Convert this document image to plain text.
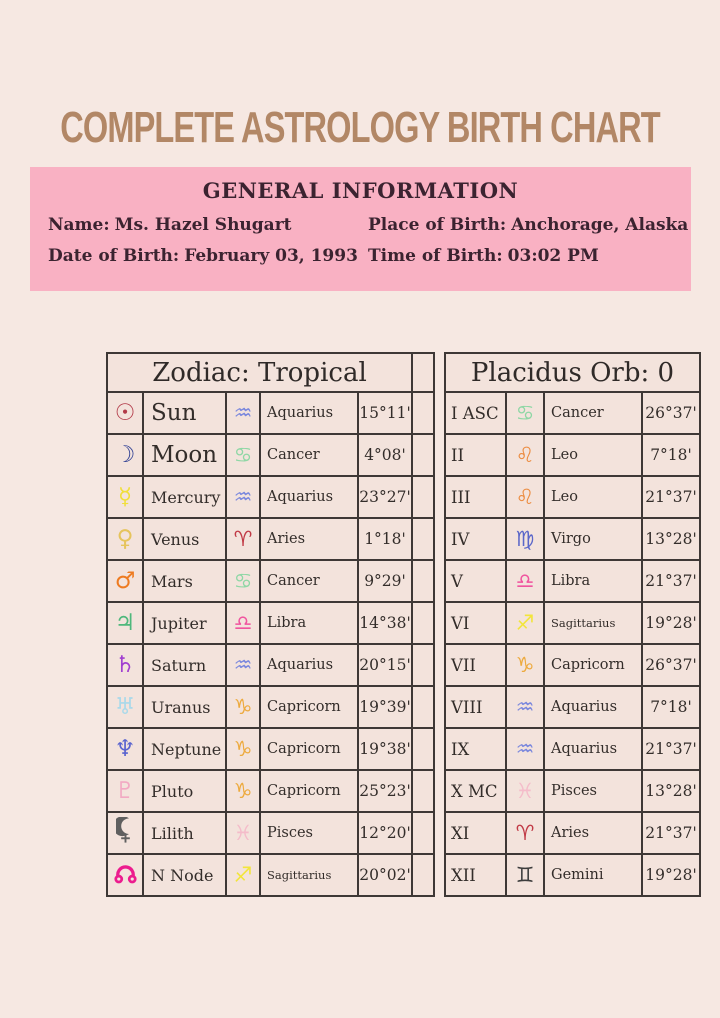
COMPLETE ASTROLOGY BIRTH CHART
GENERAL INFORMATION

Name: Ms. Hazel Shugart	Place of Birth: Anchorage, Alaska

Date of Birth: February 03, 1993 Time of Birth: 03:02 PM

Zodiac: Tropical					
☉	Sun	♒	Aquarius	15°11'	
☽	Moon	♋	Cancer	4°08'	
☿	Mercury	♒	Aquarius	23°27'	
♀	Venus	♈	Aries	1°18'	
♂	Mars	♋	Cancer	9°29'	
♃	Jupiter	♎	Libra	14°38'	
♄	Saturn	♒	Aquarius	20°15'	
♅	Uranus	♑	Capricorn	19°39'	
♆	Neptune	♑	Capricorn	19°38'	
♇	Pluto	♑	Capricorn	25°23'	

	Lilith	♓	Pisces	12°20'	

	N Node	♐	Sagittarius	20°02'	
Placidus Orb: 0			
I ASC	♋	Cancer	26°37'
II	♌	Leo	7°18'
III	♌	Leo	21°37'
IV	♍	Virgo	13°28'
V	♎	Libra	21°37'
VI	♐	Sagittarius	19°28'
VII	♑	Capricorn	26°37'
VIII	♒	Aquarius	7°18'
IX	♒	Aquarius	21°37'
X MC	♓	Pisces	13°28'
XI	♈	Aries	21°37'
XII	♊	Gemini	19°28'
